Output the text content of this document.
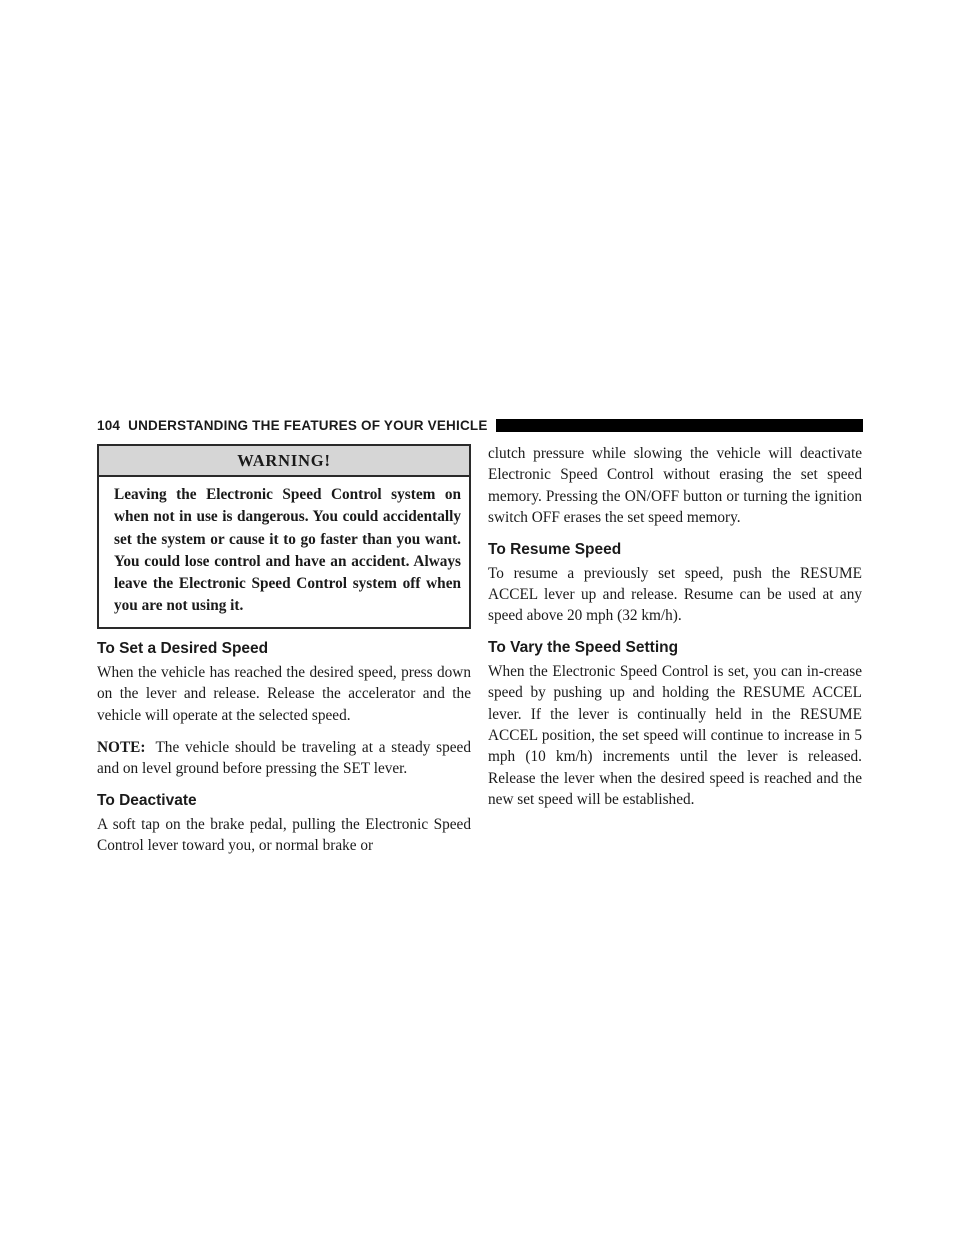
104 UNDERSTANDING THE FEATURES OF YOUR VEHICLE
WARNING!
Leaving the Electronic Speed Control system on when not in use is dangerous. You could accidentally set the system or cause it to go faster than you want. You could lose control and have an accident. Always leave the Electronic Speed Control system off when you are not using it.
To Set a Desired Speed

When the vehicle has reached the desired speed, press down on the lever and release. Release the accelerator and the vehicle will operate at the selected speed.

NOTE: The vehicle should be traveling at a steady speed and on level ground before pressing the SET lever.

To Deactivate

A soft tap on the brake pedal, pulling the Electronic Speed Control lever toward you, or normal brake or

clutch pressure while slowing the vehicle will deactivate Electronic Speed Control without erasing the set speed memory. Pressing the ON/OFF button or turning the ignition switch OFF erases the set speed memory.

To Resume Speed

To resume a previously set speed, push the RESUME ACCEL lever up and release. Resume can be used at any speed above 20 mph (32 km/h).

To Vary the Speed Setting

When the Electronic Speed Control is set, you can in-crease speed by pushing up and holding the RESUME ACCEL lever. If the lever is continually held in the RESUME ACCEL position, the set speed will continue to increase in 5 mph (10 km/h) increments until the lever is released. Release the lever when the desired speed is reached and the new set speed will be established.
